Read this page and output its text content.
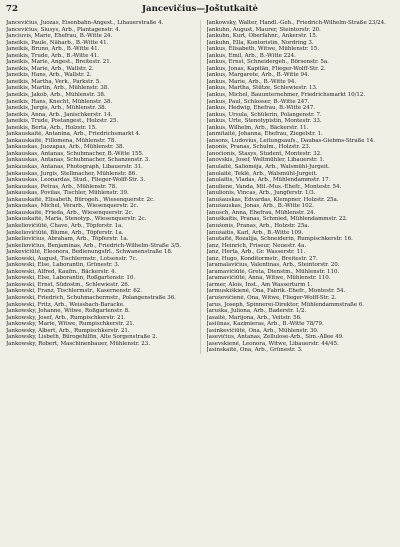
72	Jancevičius—Joštutkaitė

Jancevičius, Juozas, Eisenbahn-Angest., Lihauerstraße 4.

Jancevičius, Siusys, Arb., Plantagenstr. 4.

Janciuvis, Marie, Ehefrau, B.-Witte 24.

Janeikis, Paule, Näharb., B.-Witte 41.

Janeikis, Bruno, Arb., B.-Witte 41.

Janeikis, Trude, Arb., B.-Witte 41.

Janeikis, Marie, Angest., Breitestr. 21.

Janeikis, Marie, Arb., Wallstr. 2.

Janeikis, Hans, Arb., Wallstr. 2.

Janeikis, Martha, Verk., Parkstr. 5.

Janeikis, Martin, Arb., Mühlenstr. 38.

Janeikis, Jakob, Arb., Mühlenstr. 38.

Janeikis, Hans, Knecht, Mühlenstr. 38.

Janeikis, Jurgis, Arb., Mühlenstr. 38.

Janeikis, Anna, Arb., Janischkerstr. 14.

Janeikis, Trude, Postangest., Holzstr. 25.

Janeikis, Berta, Arb., Holzstr. 15.

Jankauskaitė, Antanina, Arb., Friedrichsmarkt 4.

Jankauskaitė, Fillomena, Mühlenstr. 78.

Jankauskas, Juozapas, Arb., Mühlenstr. 38.

Jankauskas, Antanas, Schuhmacher, B.-Witte 155.

Jankauskas, Antanas, Schuhmacher, Schanzenstr. 3.

Jankauskas, Antanas, Photograph, Libauerstr. 31.

Jankauskas, Jurgis, Stellmacher, Mühlenstr. 86.

Jankauskas, Leonardas, Stud., Flieger-Wolff-Str. 3.

Jankauskas, Petras, Arb., Mühlenstr. 78.

Jankauskas, Povilas, Tischler, Mühlenstr. 39.

Jankauskaitė, Elisabeth, Bürogeh., Wiesenquerstr. 2c.

Jankauskas, Michel, Verarb., Wiesenquerstr. 2c.

Jankauskaitė, Frieda, Arb., Wiesenquerstr. 2c.

Jankauskaitė, Maria, Stenotyp., Wiesenquerstr. 2c.

Jankeliovičiūtė, Chave, Arb., Töpferstr. 1a.

Jankeliovičiūtė, Blume, Arb., Töpferstr. 1a.

Jankeliovičius, Abraham, Arb., Töpferstr. 1a.

Jankeliovičius, Benjaminas, Arb., Friedrich-Wilhelm-Straße 3/5.

Jankevičiūtė, Eleonora, Bedienungsfrl., Schwanenstraße 18.

Jankowski, August, Tischlermstr., Lotsenstr. 7c.

Jankowski, Else, Laborantin, Grünestr. 3.

Jankowski, Alfred, Kaufm., Bäckerstr. 4.

Jankowski, Else, Laborantin, Roßgartenstr. 10.

Jankowski, Ernst, Südostm., Schlewiestr. 26.

Jankowski, Franz, Tischlermstr., Kasernenstr. 62.

Jankowski, Friedrich, Schuhmachermstr., Polangenstraße 36.

Jankowski, Fritz, Arb., Weissbach-Baracke.

Jankowsky, Johanne, Witwe, Roßgartenstr. 8.

Jankowsky, Josef, Arb., Rumpischkerstr. 21.

Jankowsky, Marie, Witwe, Rumpischkerstr. 21.

Jankowsky, Albert, Arb., Rumpischkerstr. 21.

Jankowsky, Lisbeth, Bürogehilfin, Alte Sorgenstraße 2.

Jankowsky, Robert, Maschinenbauer, Mühlenstr. 23.

Jankowsky, Walter, Handl.-Geh., Friedrich-Wilhelm-Straße 23/24.

Jankuhn, August, Maurer, Steintorstr. 20.

Jankuhn, Kurt, Oberfahnr., Ankerstr. 15.

Jankuhn, Ella, Kontoristin, Nordring 3.

Jankus, Elisabeth, Witwe, Mühlenstr. 15.

Jankus, Emil, Arb., B.-Witte 224.

Jankus, Ernst, Schneidergeh., Börsenstr. 5a.

Jankus, Jonas, Kapitän, Flieger-Wolff-Str. 2.

Jankus, Margarete, Arb., B.-Witte 94.

Jankus, Marie, Arb., B.-Witte 94.

Jankus, Martha, Stütze, Schlewiestr. 13.

Jankus, Michel, Bauunternehmer, Friedrichsmarkt 10/12.

Jankus, Paul, Schlosser, B.-Witte 247.

Jankus, Hedwig, Ehefrau, B.-Witte 247.

Jankus, Ursula, Schülerin, Polangenstr. 7.

Jankus, Urte, Stenotypistin, Montestr. 33.

Jankus, Wilhelm, Arb., Bäckerstr. 11.

Janmitaitė, Johanna, Ehefrau, Ziegelstr. 1.

Jansons, Ludovius, Leitungsaufs., Daubas-Giebms-Straße 14.

Jaņonis, Pranas, Schulm., Holzstr. 23.

Janočionis, Stasys, Student, Montestr. 32.

Janovskis, Josef, Weltmühler, Libauerstr. 1.

Janulaitė, Saliomėja, Arb., Walsmühl-Jurgeit.

Janulaitė, Teklė, Arb., Walsmühl-Jurgeit.

Janulaitis, Vladas, Arb., Mühlendammstr. 17.

Januliene, Vanda, Mil.-Mus.-Ehefr., Montestr. 54.

Janulionis, Vincas, Arb., Jungferstr. 1/3.

Janušauskas, Edvardas, Klempner, Holzstr. 25a.

Janušauskas, Jonas, Arb., B.-Witte 102.

Janusch, Anna, Ehefrau, Mühlenstr. 24.

Januškaitis, Pranas, Schmied, Mühlendammstr. 22.

Janušonis, Pranas, Arb., Holzstr. 25a.

Janušaitis, Karl, Arb., B.-Witte 109.

Janutaitė, Rozalija, Schneiderin, Rumpischkerstr. 16.

Janz, Heinrich, Friseur, Neuestr. 4a.

Janz, Herta, Arb., Gr. Wasserstr. 11.

Janz, Hugo, Konditormstr., Breitestr. 27.

Jaramalavičius, Valentinas, Arb., Steintorstr. 20.

Jaramavičiūtė, Greta, Dienstm., Mühlenstr. 110.

Jaramavičiūtė, Anna, Witwe, Mühlenstr. 110.

Jarmer, Alois, Inst., Am Wasserturm 1.

Jarmuskiškienė, Ona, Fabrik.-Ehefr., Montestr. 54.

Jaruševičienė, Ona, Witwe, Flieger-Wolff-Str. 2.

Jarus, Joseph, Spinnerei-Direktor, Mühlendammstraße 6.

Jaruška, Juliona, Arb., Baderstr. 1/2.

Jasaitė, Marijona, Arb., Veitstr. 56.

Jasiūnas, Kazimieras, Arb., B.-Witte 78/79.

Jasinkevičiūtė, Ona, Arb., Mühlenstr. 30.

Jasevičius, Antanas, Zellulose-Arb., Sim.-Allee 49.

Jasevskienė, Leonora, Witwe, Libauerstr. 44/45.

Jasinskaitė, Ona, Arb., Grünestr. 3.
